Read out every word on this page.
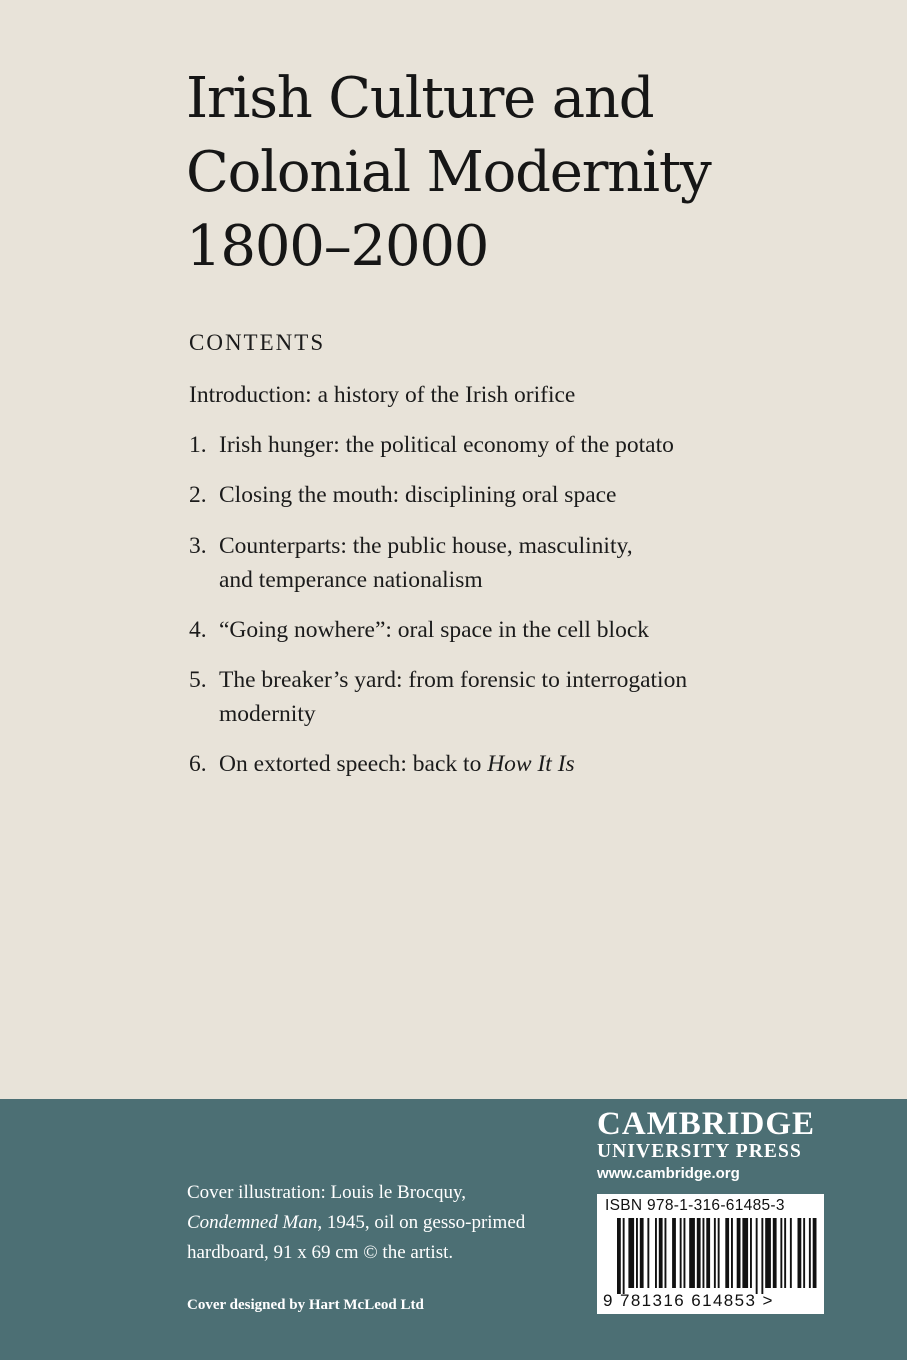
Irish Culture and
Colonial Modernity
1800–2000
CONTENTS
Introduction: a history of the Irish orifice
1. Irish hunger: the political economy of the potato
2. Closing the mouth: disciplining oral space
3. Counterparts: the public house, masculinity,
and temperance nationalism
4. “Going nowhere”: oral space in the cell block
5. The breaker’s yard: from forensic to interrogation
modernity
6. On extorted speech: back to How It Is
Cover illustration: Louis le Brocquy,
Condemned Man, 1945, oil on gesso-primed
hardboard, 91 x 69 cm © the artist.
Cover designed by Hart McLeod Ltd
CAMBRIDGE
UNIVERSITY PRESS
www.cambridge.org
ISBN 978-1-316-61485-3
9 781316 614853 >
